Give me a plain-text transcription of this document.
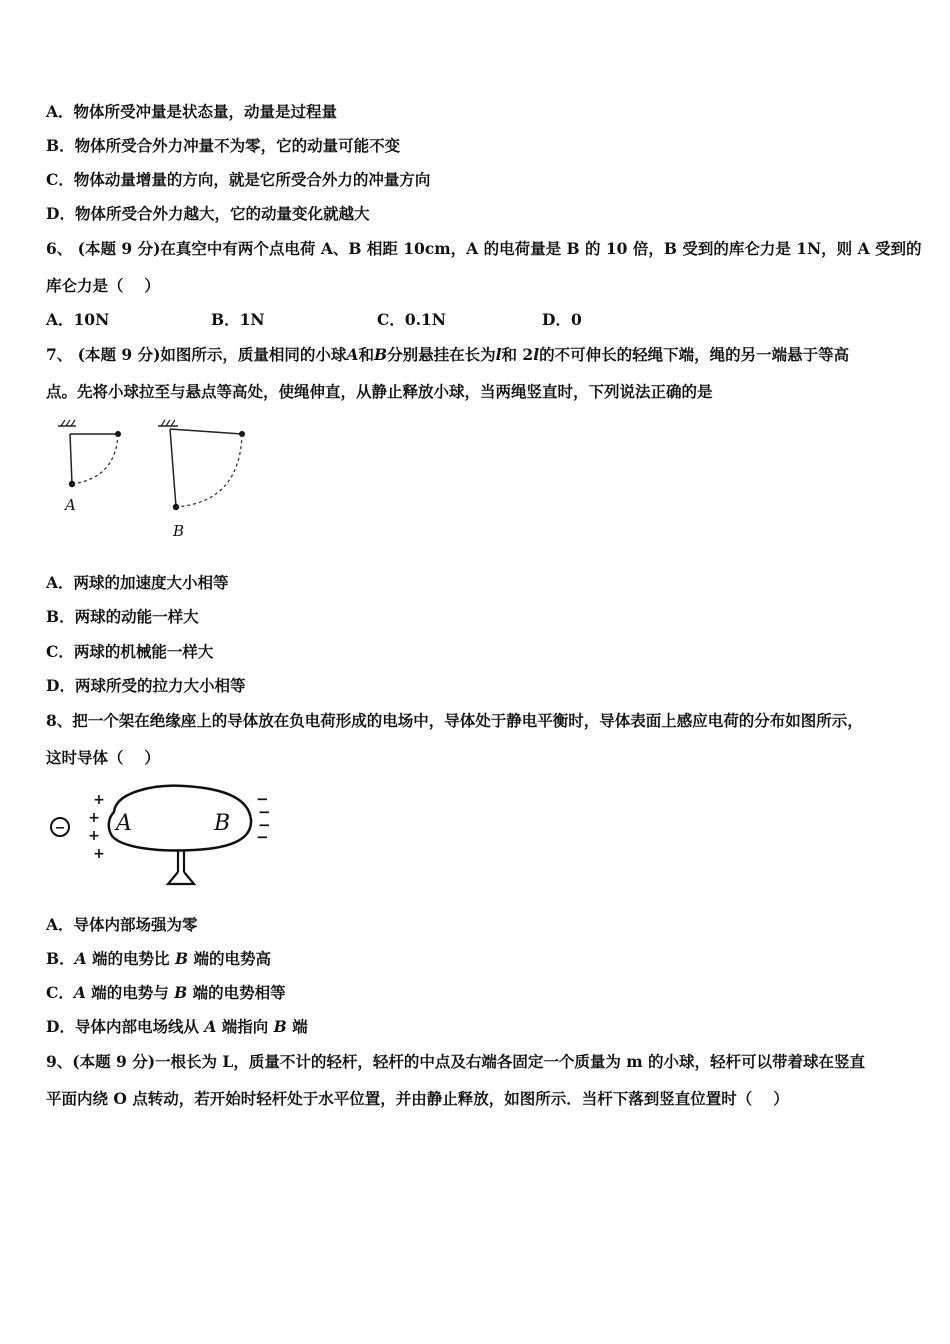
A．物体所受冲量是状态量，动量是过程量
B．物体所受合外力冲量不为零，它的动量可能不变
C．物体动量增量的方向，就是它所受合外力的冲量方向
D．物体所受合外力越大，它的动量变化就越大
6、 (本题 9 分)在真空中有两个点电荷 A、B 相距 10cm，A 的电荷量是 B 的 10 倍，B 受到的库仑力是 1N，则 A 受到的
库仑力是（　 ）
A．10N	B．1N	C．0.1N	D．0
7、 (本题 9 分)如图所示，质量相同的小球A和B分别悬挂在长为l和 2l的不可伸长的轻绳下端，绳的另一端悬于等高
点。先将小球拉至与悬点等高处，使绳伸直，从静止释放小球，当两绳竖直时，下列说法正确的是
A
B
A．两球的加速度大小相等
B．两球的动能一样大
C．两球的机械能一样大
D．两球所受的拉力大小相等
8、把一个架在绝缘座上的导体放在负电荷形成的电场中，导体处于静电平衡时，导体表面上感应电荷的分布如图所示，
这时导体（　 ）
−
+
+
+
+
A	B
−
−
−
−
A．导体内部场强为零
B．A 端的电势比 B 端的电势高
C．A 端的电势与 B 端的电势相等
D．导体内部电场线从 A 端指向 B 端
9、(本题 9 分)一根长为 L，质量不计的轻杆，轻杆的中点及右端各固定一个质量为 m 的小球，轻杆可以带着球在竖直
平面内绕 O 点转动，若开始时轻杆处于水平位置，并由静止释放，如图所示．当杆下落到竖直位置时（　 ）
